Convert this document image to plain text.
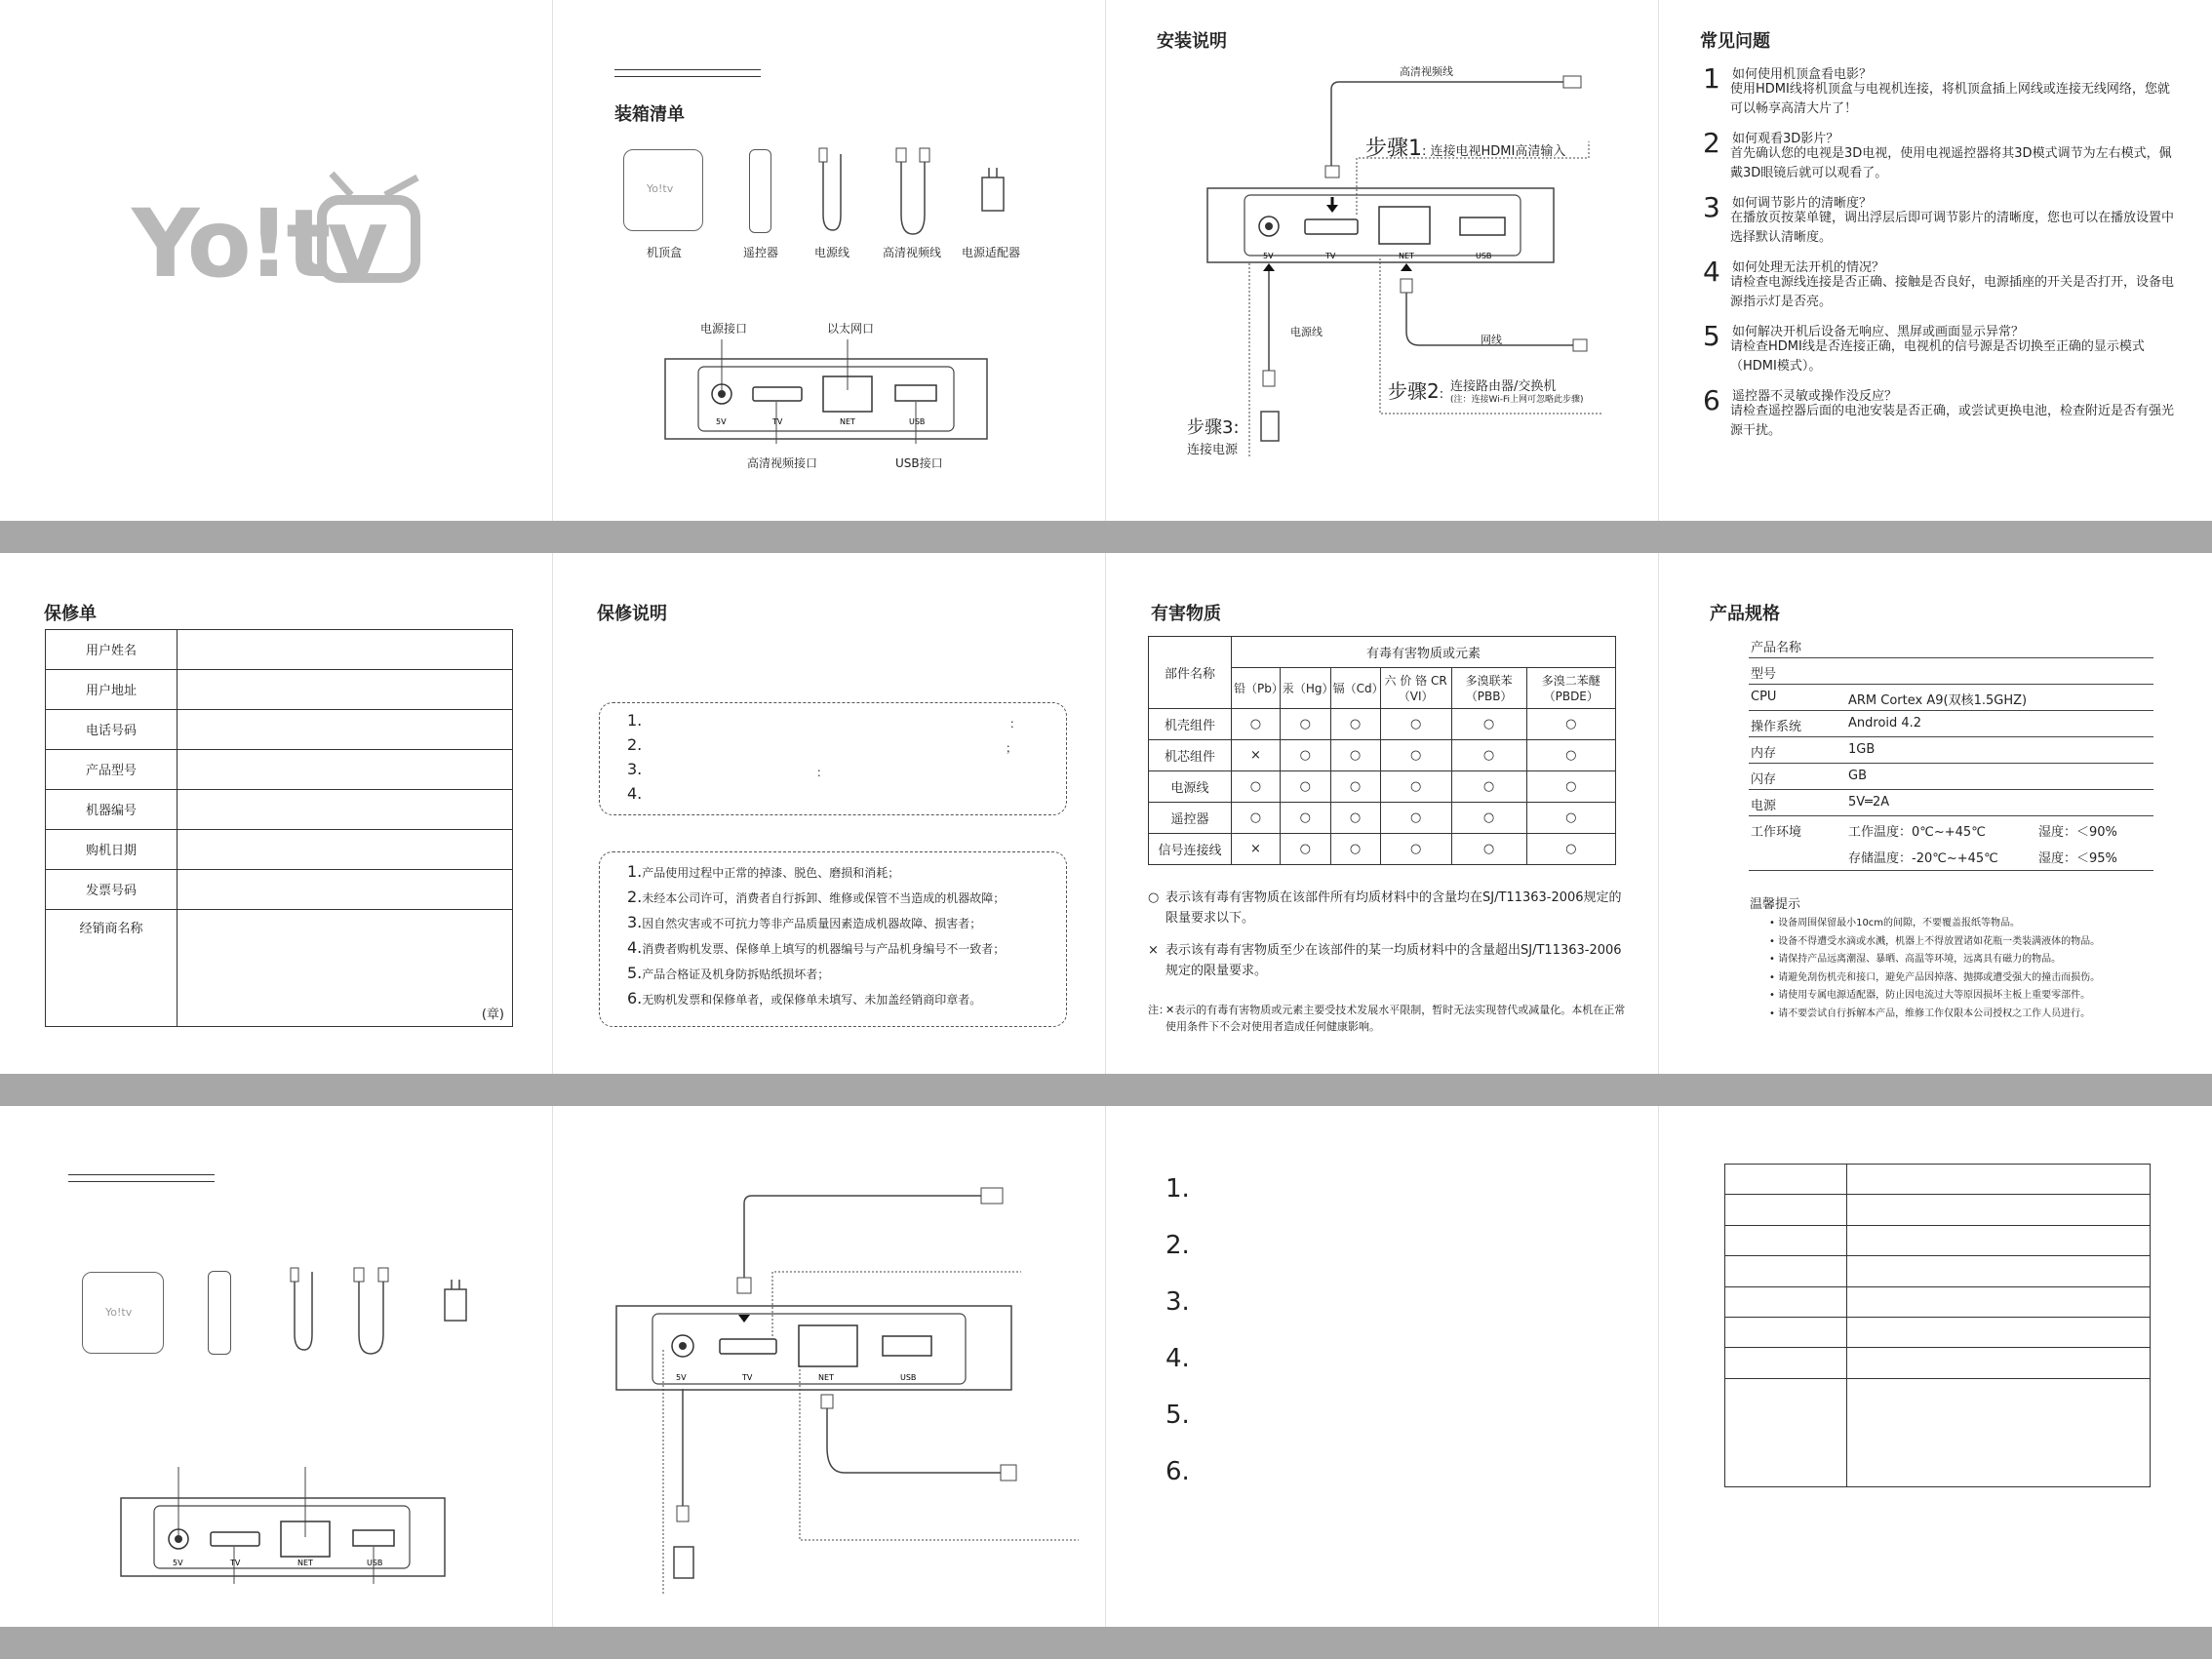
Yo!tv
装箱清单
Yo!tv
机顶盒	遥控器	电源线	高清视频线 电源适配器
电源接口	以太网口
5V	TV	NET	USB
高清视频接口	USB接口
安装说明
高清视频线
5V	TV	NET	USB
步骤1: 连接电视HDMI高清输入
电源线
网线
步骤2:
连接路由器/交换机
(注：连接Wi-Fi上网可忽略此步骤)
步骤3:
连接电源
常见问题
1 如何使用机顶盒看电影？
使用HDMI线将机顶盒与电视机连接，将机顶盒插上网线或连接无线网络，您就可以畅享高清大片了！
2 如何观看3D影片？
首先确认您的电视是3D电视，使用电视遥控器将其3D模式调节为左右模式，佩戴3D眼镜后就可以观看了。
3 如何调节影片的清晰度？
在播放页按菜单键，调出浮层后即可调节影片的清晰度，您也可以在播放设置中选择默认清晰度。
4 如何处理无法开机的情况？
请检查电源线连接是否正确、接触是否良好，电源插座的开关是否打开，设备电源指示灯是否亮。
5 如何解决开机后设备无响应、黑屏或画面显示异常？
请检查HDMI线是否连接正确，电视机的信号源是否切换至正确的显示模式（HDMI模式）。
6 遥控器不灵敏或操作没反应？
请检查遥控器后面的电池安装是否正确，或尝试更换电池，检查附近是否有强光源干扰。
保修单
用户姓名	
用户地址	
电话号码	
产品型号	
机器编号	
购机日期	
发票号码	
经销商名称	(章)
保修说明
1.
2.
3.
4.
：
；
：
1.产品使用过程中正常的掉漆、脱色、磨损和消耗；
2.未经本公司许可，消费者自行拆卸、维修或保管不当造成的机器故障；
3.因自然灾害或不可抗力等非产品质量因素造成机器故障、损害者；
4.消费者购机发票、保修单上填写的机器编号与产品机身编号不一致者；
5.产品合格证及机身防拆贴纸损坏者；
6.无购机发票和保修单者，或保修单未填写、未加盖经销商印章者。
有害物质
部件名称	有毒有害物质或元素					
	铅（Pb）	汞（Hg）	镉（Cd）	六 价 铬 CR（VI）	多溴联苯（PBB）	多溴二苯醚（PBDE）
机壳组件	○	○	○	○	○	○
机芯组件	×	○	○	○	○	○
电源线	○	○	○	○	○	○
遥控器	○	○	○	○	○	○
信号连接线	×	○	○	○	○	○
○ 表示该有毒有害物质在该部件所有均质材料中的含量均在SJ/T11363-2006规定的限量要求以下。
× 表示该有毒有害物质至少在该部件的某一均质材料中的含量超出SJ/T11363-2006规定的限量要求。
注：
✕表示的有毒有害物质或元素主要受技术发展水平限制，暂时无法实现替代或减量化。本机在正常使用条件下不会对使用者造成任何健康影响。
产品规格
产品名称
型号
CPU	ARM Cortex A9(双核1.5GHZ)
操作系统	Android 4.2
内存	1GB
闪存	GB
电源	5V═2A
工作环境	工作温度：0℃~+45℃	湿度：＜90%
存储温度：-20℃~+45℃	湿度：＜95%
温馨提示
• 设备周围保留最小10cm的间隙，不要覆盖报纸等物品。
• 设备不得遭受水滴或水溅，机器上不得放置诸如花瓶一类装满液体的物品。
• 请保持产品远离潮湿、暴晒、高温等环境，远离具有磁力的物品。
• 请避免刮伤机壳和接口，避免产品因掉落、抛掷或遭受强大的撞击而损伤。
• 请使用专属电源适配器，防止因电流过大等原因损坏主板上重要零部件。
• 请不要尝试自行拆解本产品，维修工作仅限本公司授权之工作人员进行。
Yo!tv
5V	TV	NET	USB
5V	TV	NET	USB
1.
2.
3.
4.
5.
6.
